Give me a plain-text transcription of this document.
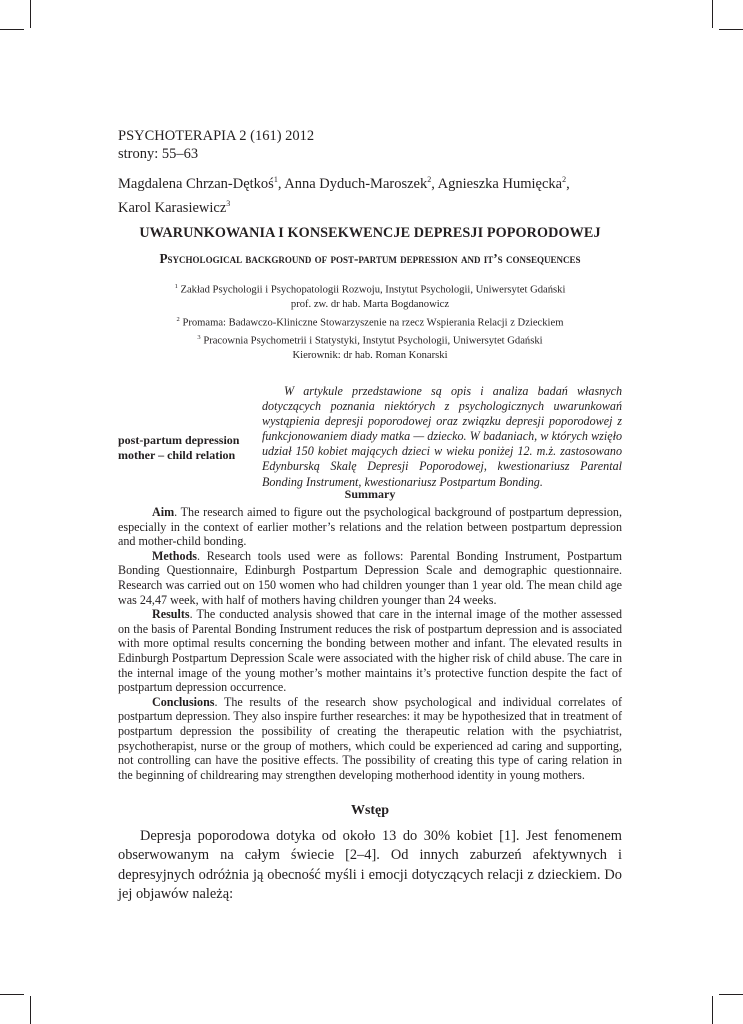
PSYCHOTERAPIA 2 (161) 2012
strony: 55–63
Magdalena Chrzan-Dętkoś$^1$, Anna Dyduch-Maroszek$^2$, Agnieszka Humięcka$^2$,
Karol Karasiewicz$^3$
UWARUNKOWANIA I KONSEKWENCJE DEPRESJI POPORODOWEJ
Psychological background of post-partum depression and it’s consequences
$^1$ Zakład Psychologii i Psychopatologii Rozwoju, Instytut Psychologii, Uniwersytet Gdański
prof. zw. dr hab. Marta Bogdanowicz
$^2$ Promama: Badawczo-Kliniczne Stowarzyszenie na rzecz Wspierania Relacji z Dzieckiem
$^3$ Pracownia Psychometrii i Statystyki, Instytut Psychologii, Uniwersytet Gdański
Kierownik: dr hab. Roman Konarski
W artykule przedstawione są opis i analiza badań własnych dotyczących poznania niektórych z psychologicznych uwarunkowań wystąpienia depresji poporodowej oraz związku depresji poporodowej z funkcjonowaniem diady matka — dziecko. W badaniach, w których wzięło udział 150 kobiet mających dzieci w wieku poniżej 12. m.ż. zastosowano Edynburską Skalę Depresji Poporodowej, kwestionariusz Parental Bonding Instrument, kwestionariusz Postpartum Bonding.
post-partum depression
mother – child relation
Summary

Aim. The research aimed to figure out the psychological background of postpartum depression, especially in the context of earlier mother’s relations and the relation between postpartum depression and mother-child bonding.

Methods. Research tools used were as follows: Parental Bonding Instrument, Postpartum Bonding Questionnaire, Edinburgh Postpartum Depression Scale and demographic questionnaire. Research was carried out on 150 women who had children younger than 1 year old. The mean child age was 24,47 week, with half of mothers having children younger than 24 weeks.

Results. The conducted analysis showed that care in the internal image of the mother assessed on the basis of Parental Bonding Instrument reduces the risk of postpartum depression and is associated with more optimal results concerning the bonding between mother and infant. The elevated results in Edinburgh Postpartum Depression Scale were associated with the higher risk of child abuse. The care in the internal image of the young mother’s mother maintains it’s protective function despite the fact of postpartum depression occurrence.

Conclusions. The results of the research show psychological and individual correlates of postpartum depression. They also inspire further researches: it may be hypothesized that in treatment of postpartum depression the possibility of creating the therapeutic relation with the psychiatrist, psychotherapist, nurse or the group of mothers, which could be experienced ad caring and supporting, not controlling can have the positive effects. The possibility of creating this type of caring relation in the beginning of childrearing may strengthen developing motherhood identity in young mothers.

Wstęp
Depresja poporodowa dotyka od około 13 do 30% kobiet [1]. Jest fenomenem obserwowanym na całym świecie [2–4]. Od innych zaburzeń afektywnych i depresyjnych odróżnia ją obecność myśli i emocji dotyczących relacji z dzieckiem. Do jej objawów należą:
